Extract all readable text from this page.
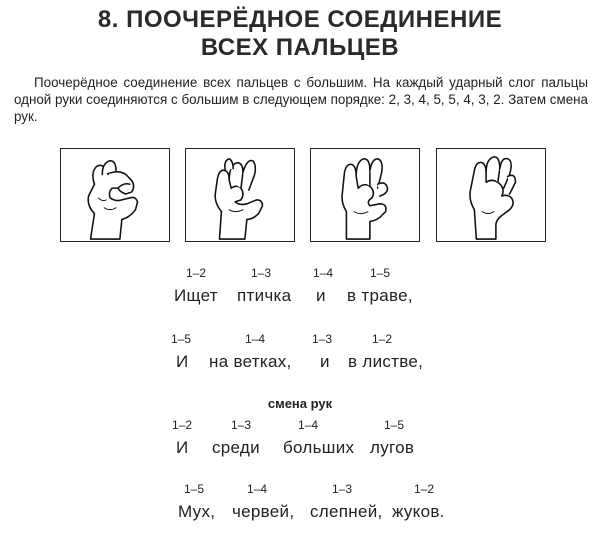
8. ПООЧЕРЁДНОЕ СОЕДИНЕНИЕ
ВСЕХ ПАЛЬЦЕВ

Поочерёдное соединение всех пальцев с большим. На каждый ударный слог пальцы одной руки соединяются с большим в следующем порядке: 2, 3, 4, 5, 5, 4, 3, 2. Затем смена рук.

1–2	1–3	1–4	1–5
Ищет птичка и в траве,
1–5	1–4	1–3	1–2
И на ветках, и в листве,
смена рук
1–2	1–3	1–4	1–5
И среди больших лугов
1–5	1–4	1–3	1–2
Мух, червей, слепней, жуков.
